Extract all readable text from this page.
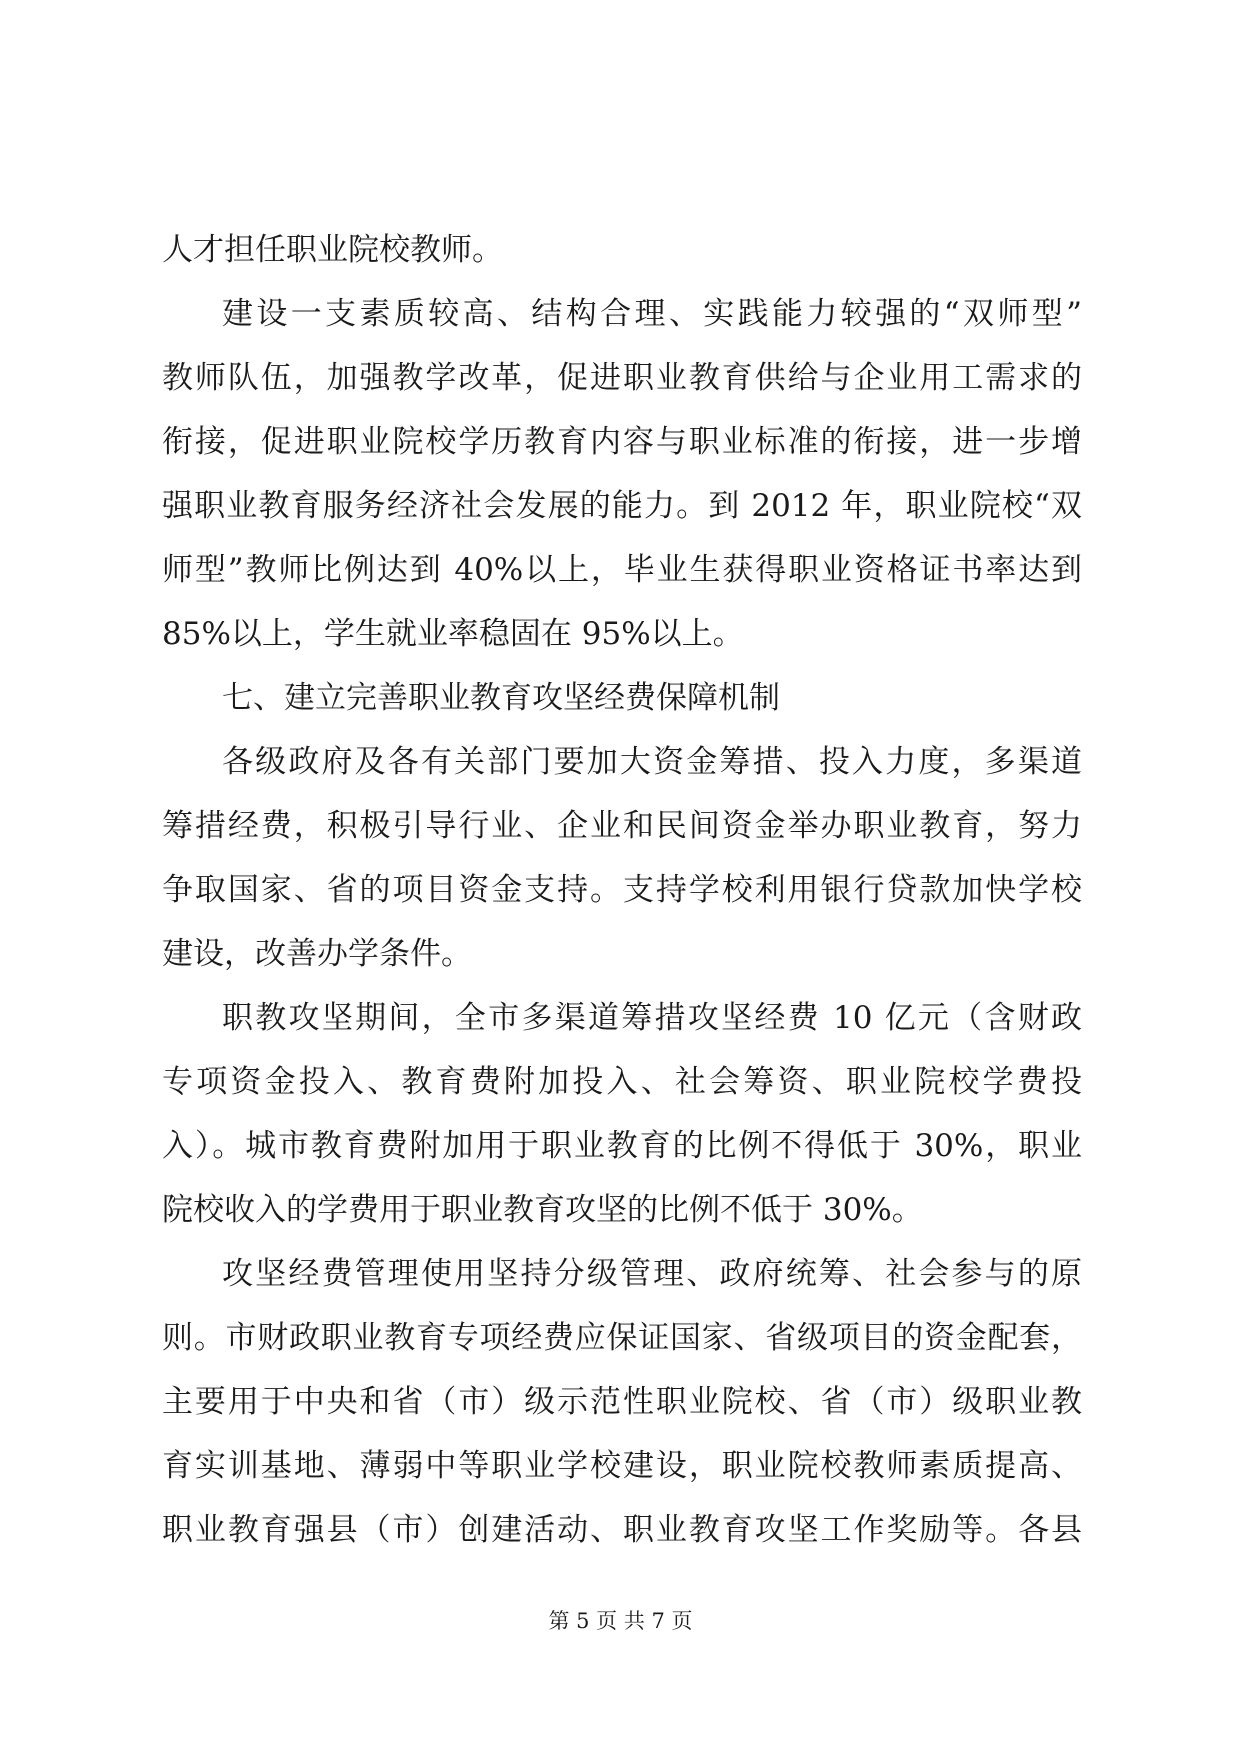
人才担任职业院校教师。
建设一支素质较高、结构合理、实践能力较强的“双师型”
教师队伍，加强教学改革，促进职业教育供给与企业用工需求的
衔接，促进职业院校学历教育内容与职业标准的衔接，进一步增
强职业教育服务经济社会发展的能力。到 2012 年，职业院校“双
师型”教师比例达到 40%以上，毕业生获得职业资格证书率达到
85%以上，学生就业率稳固在 95%以上。
七、建立完善职业教育攻坚经费保障机制
各级政府及各有关部门要加大资金筹措、投入力度，多渠道
筹措经费，积极引导行业、企业和民间资金举办职业教育，努力
争取国家、省的项目资金支持。支持学校利用银行贷款加快学校
建设，改善办学条件。
职教攻坚期间，全市多渠道筹措攻坚经费 10 亿元（含财政
专项资金投入、教育费附加投入、社会筹资、职业院校学费投
入）。城市教育费附加用于职业教育的比例不得低于 30%，职业
院校收入的学费用于职业教育攻坚的比例不低于 30%。
攻坚经费管理使用坚持分级管理、政府统筹、社会参与的原
则。市财政职业教育专项经费应保证国家、省级项目的资金配套，
主要用于中央和省（市）级示范性职业院校、省（市）级职业教
育实训基地、薄弱中等职业学校建设，职业院校教师素质提高、
职业教育强县（市）创建活动、职业教育攻坚工作奖励等。各县
第 5 页 共 7 页
